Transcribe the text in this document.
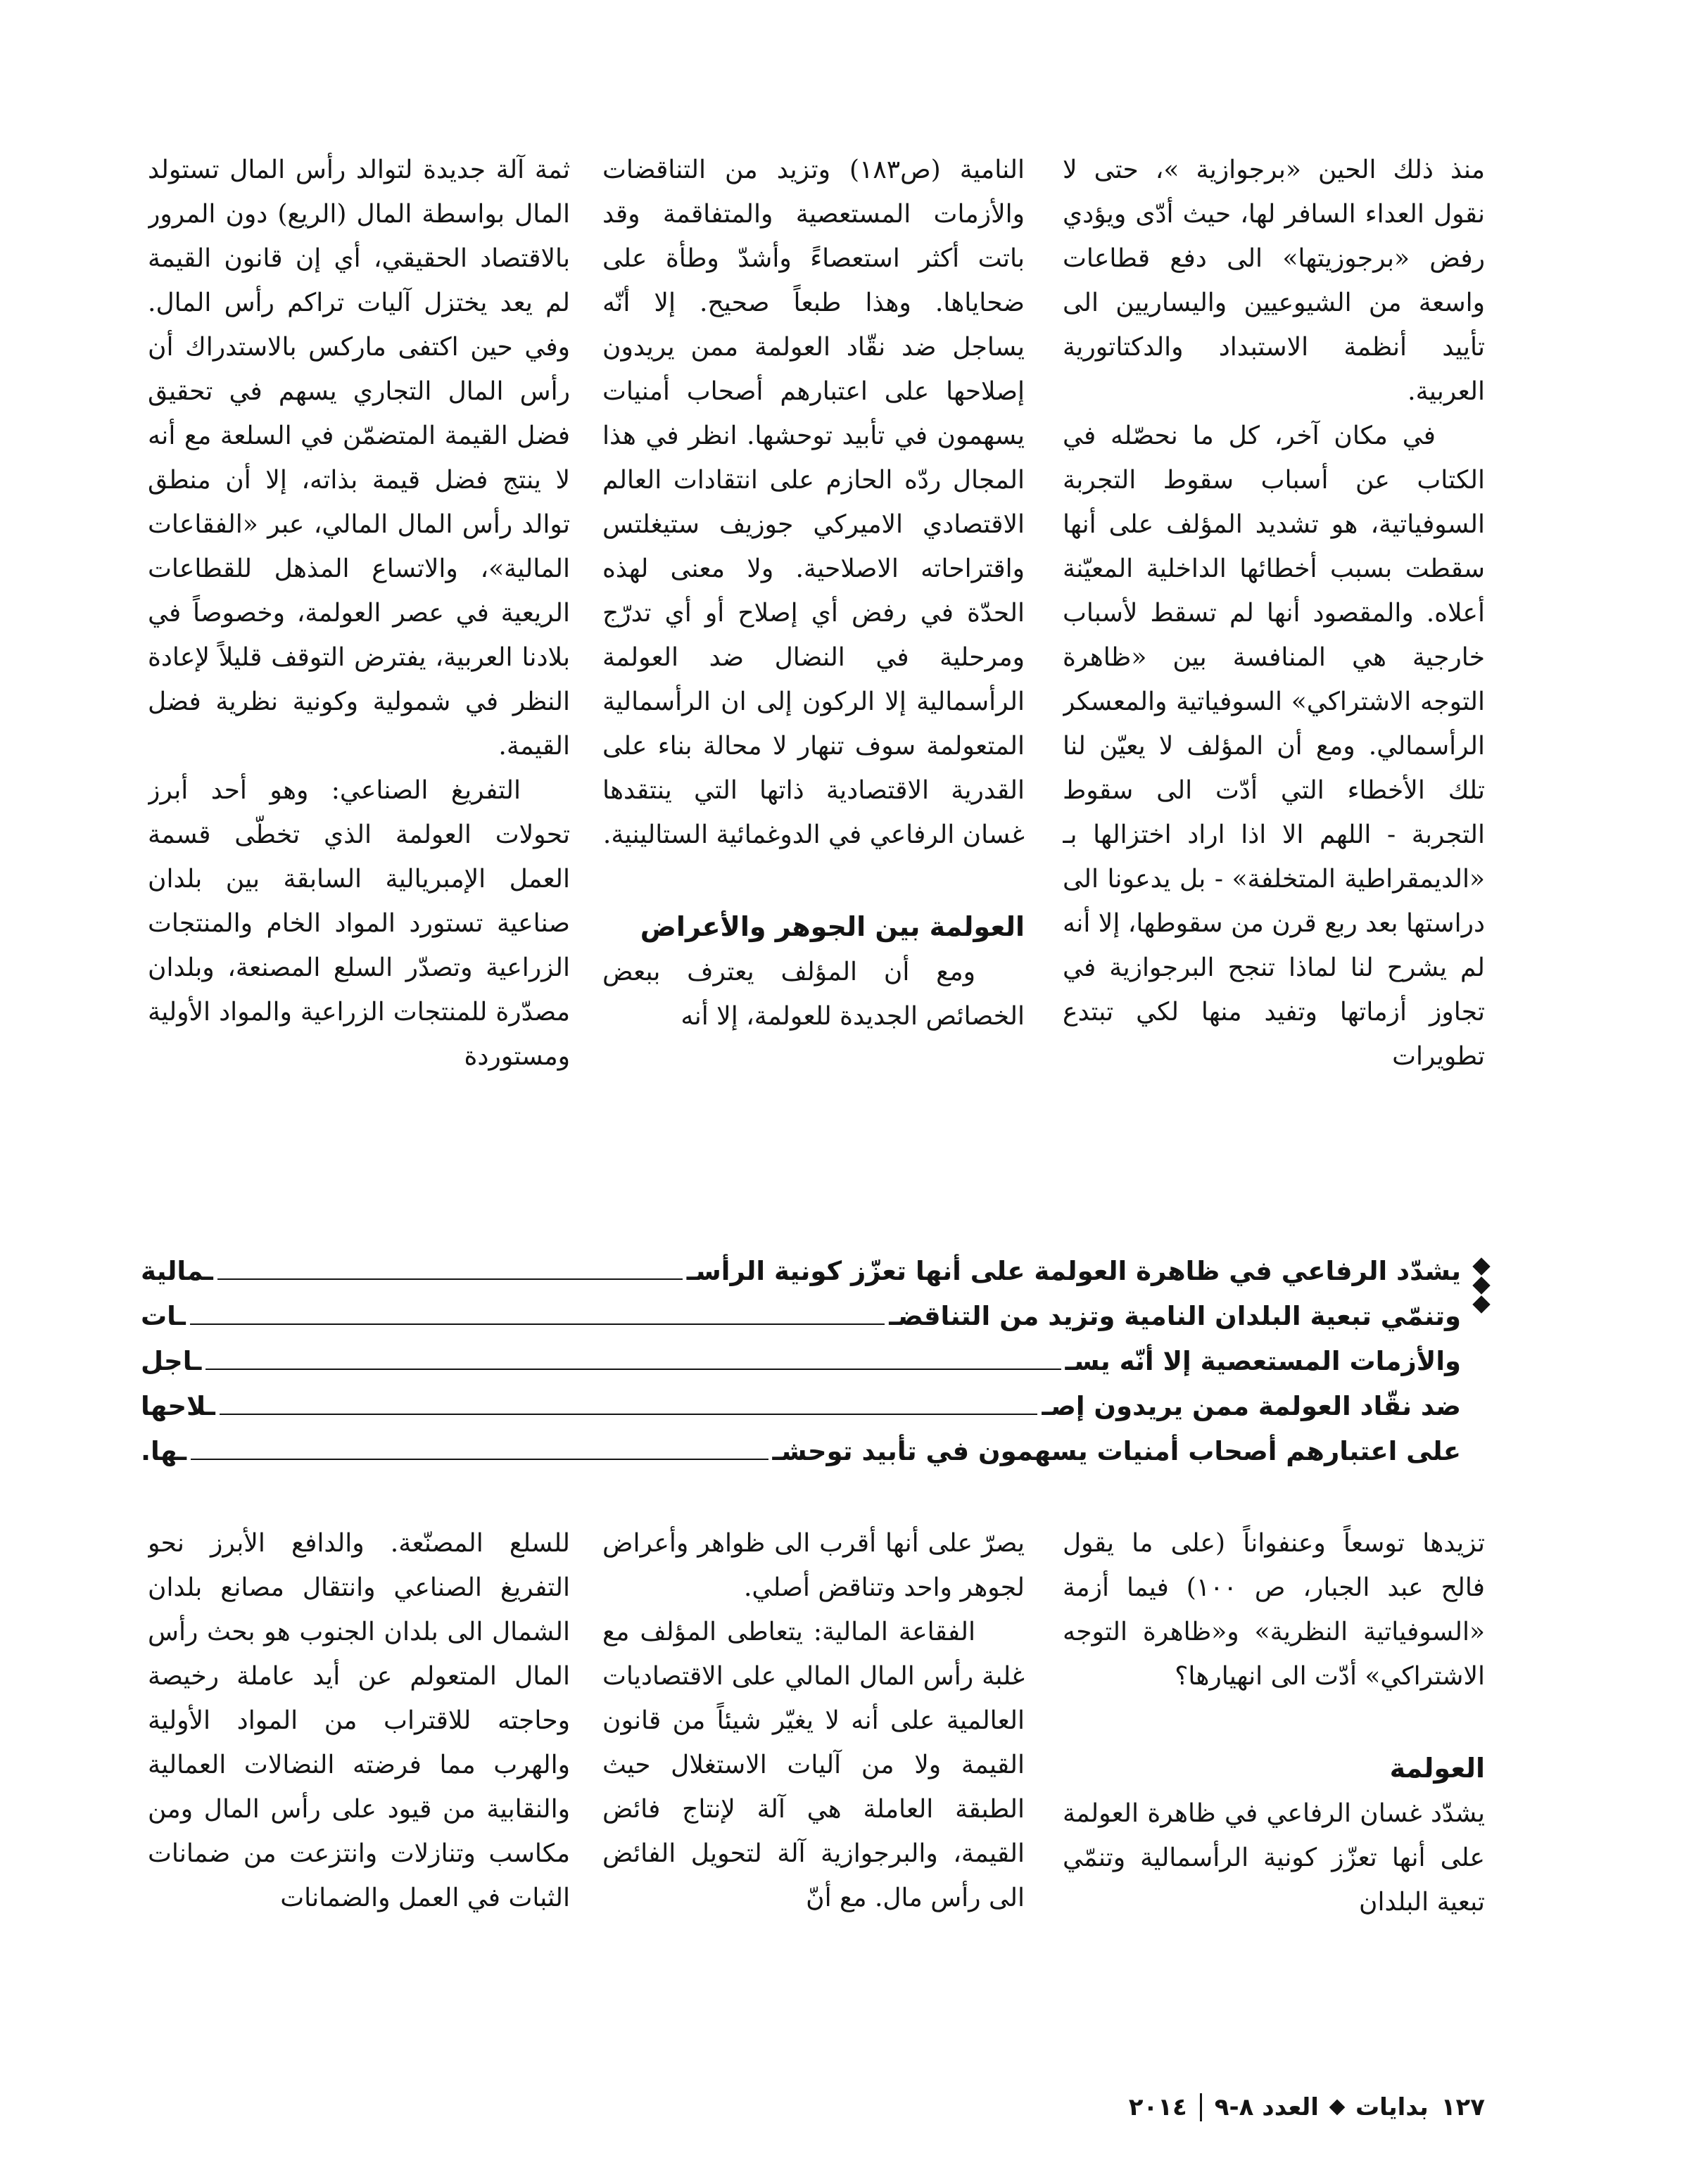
منذ ذلك الحين «برجوازية »، حتى لا نقول العداء السافر لها، حيث أدّى ويؤدي رفض «برجوزيتها» الى دفع قطاعات واسعة من الشيوعيين واليساريين الى تأييد أنظمة الاستبداد والدكتاتورية العربية.

في مكان آخر، كل ما نحصّله في الكتاب عن أسباب سقوط التجربة السوفياتية، هو تشديد المؤلف على أنها سقطت بسبب أخطائها الداخلية المعيّنة أعلاه. والمقصود أنها لم تسقط لأسباب خارجية هي المنافسة بين «ظاهرة التوجه الاشتراكي» السوفياتية والمعسكر الرأسمالي. ومع أن المؤلف لا يعيّن لنا تلك الأخطاء التي أدّت الى سقوط التجربة - اللهم الا اذا اراد اختزالها بـ «الديمقراطية المتخلفة» - بل يدعونا الى دراستها بعد ربع قرن من سقوطها، إلا أنه لم يشرح لنا لماذا تنجح البرجوازية في تجاوز أزماتها وتفيد منها لكي تبتدع تطويرات

النامية (ص١٨٣) وتزيد من التناقضات والأزمات المستعصية والمتفاقمة وقد باتت أكثر استعصاءً وأشدّ وطأة على ضحاياها. وهذا طبعاً صحيح. إلا أنّه يساجل ضد نقّاد العولمة ممن يريدون إصلاحها على اعتبارهم أصحاب أمنيات يسهمون في تأبيد توحشها. انظر في هذا المجال ردّه الحازم على انتقادات العالم الاقتصادي الاميركي جوزيف ستيغلتس واقتراحاته الاصلاحية. ولا معنى لهذه الحدّة في رفض أي إصلاح أو أي تدرّج ومرحلية في النضال ضد العولمة الرأسمالية إلا الركون إلى ان الرأسمالية المتعولمة سوف تنهار لا محالة بناء على القدرية الاقتصادية ذاتها التي ينتقدها غسان الرفاعي في الدوغمائية الستالينية.

العولمة بين الجوهر والأعراض

ومع أن المؤلف يعترف ببعض الخصائص الجديدة للعولمة، إلا أنه

ثمة آلة جديدة لتوالد رأس المال تستولد المال بواسطة المال (الريع) دون المرور بالاقتصاد الحقيقي، أي إن قانون القيمة لم يعد يختزل آليات تراكم رأس المال. وفي حين اكتفى ماركس بالاستدراك أن رأس المال التجاري يسهم في تحقيق فضل القيمة المتضمّن في السلعة مع أنه لا ينتج فضل قيمة بذاته، إلا أن منطق توالد رأس المال المالي، عبر «الفقاعات المالية»، والاتساع المذهل للقطاعات الريعية في عصر العولمة، وخصوصاً في بلادنا العربية، يفترض التوقف قليلاً لإعادة النظر في شمولية وكونية نظرية فضل القيمة.

التفريغ الصناعي: وهو أحد أبرز تحولات العولمة الذي تخطّى قسمة العمل الإمبريالية السابقة بين بلدان صناعية تستورد المواد الخام والمنتجات الزراعية وتصدّر السلع المصنعة، وبلدان مصدّرة للمنتجات الزراعية والمواد الأولية ومستوردة

يشدّد الرفاعي في ظاهرة العولمة على أنها تعزّز كونية الرأسـ
ـمالية
وتنمّي تبعية البلدان النامية وتزيد من التناقضـ
ـات
والأزمات المستعصية إلا أنّه يسـ
ـاجل
ضد نقّاد العولمة ممن يريدون إصـ
ـلاحها
على اعتبارهم أصحاب أمنيات يسهمون في تأبيد توحشـ
ـها.

تزيدها توسعاً وعنفواناً (على ما يقول فالح عبد الجبار، ص ١٠٠) فيما أزمة «السوفياتية النظرية» و«ظاهرة التوجه الاشتراكي» أدّت الى انهيارها؟

العولمة

يشدّد غسان الرفاعي في ظاهرة العولمة على أنها تعزّز كونية الرأسمالية وتنمّي تبعية البلدان

يصرّ على أنها أقرب الى ظواهر وأعراض لجوهر واحد وتناقض أصلي.

الفقاعة المالية: يتعاطى المؤلف مع غلبة رأس المال المالي على الاقتصاديات العالمية على أنه لا يغيّر شيئاً من قانون القيمة ولا من آليات الاستغلال حيث الطبقة العاملة هي آلة لإنتاج فائض القيمة، والبرجوازية آلة لتحويل الفائض الى رأس مال. مع أنّ

للسلع المصنّعة. والدافع الأبرز نحو التفريغ الصناعي وانتقال مصانع بلدان الشمال الى بلدان الجنوب هو بحث رأس المال المتعولم عن أيد عاملة رخيصة وحاجته للاقتراب من المواد الأولية والهرب مما فرضته النضالات العمالية والنقابية من قيود على رأس المال ومن مكاسب وتنازلات وانتزعت من ضمانات الثبات في العمل والضمانات

١٢٧
بدايات
العدد ٨-٩
٢٠١٤
